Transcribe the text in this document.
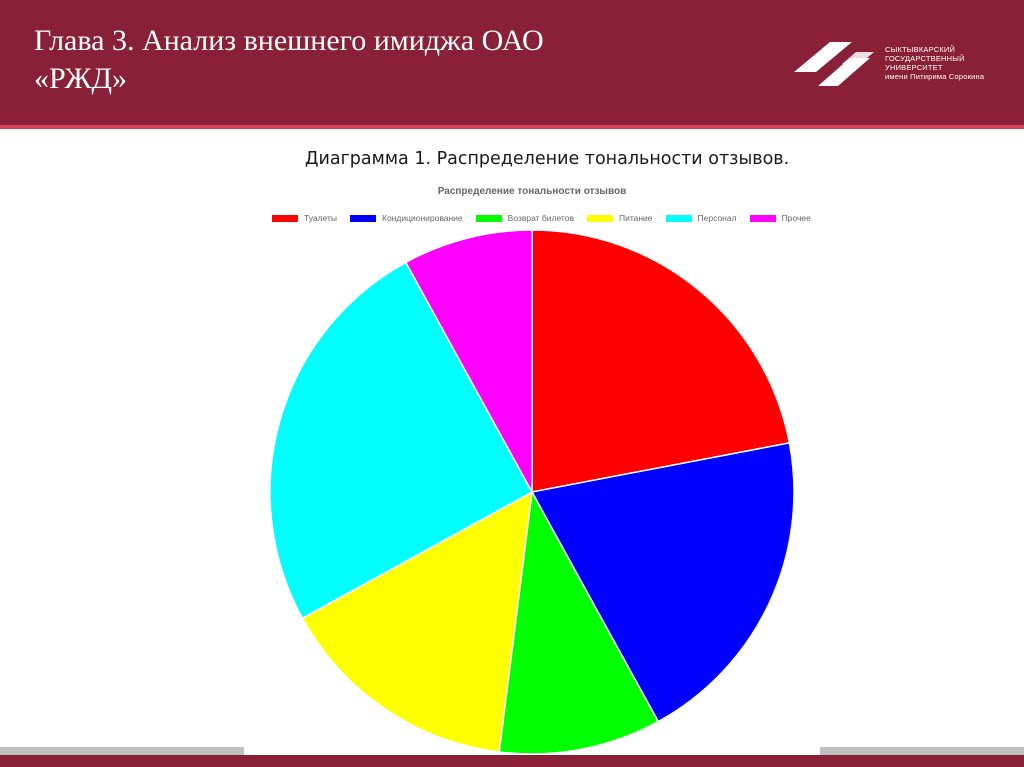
Глава 3. Анализ внешнего имиджа ОАО «РЖД»
СЫКТЫВКАРСКИЙ
ГОСУДАРСТВЕННЫЙ
УНИВЕРСИТЕТ
имени Питирима Сорокина
Диаграмма 1. Распределение тональности отзывов.
Распределение тональности отзывов
Туалеты	Кондиционирование	Возврат билетов	Питание	Персонал	Прочее
